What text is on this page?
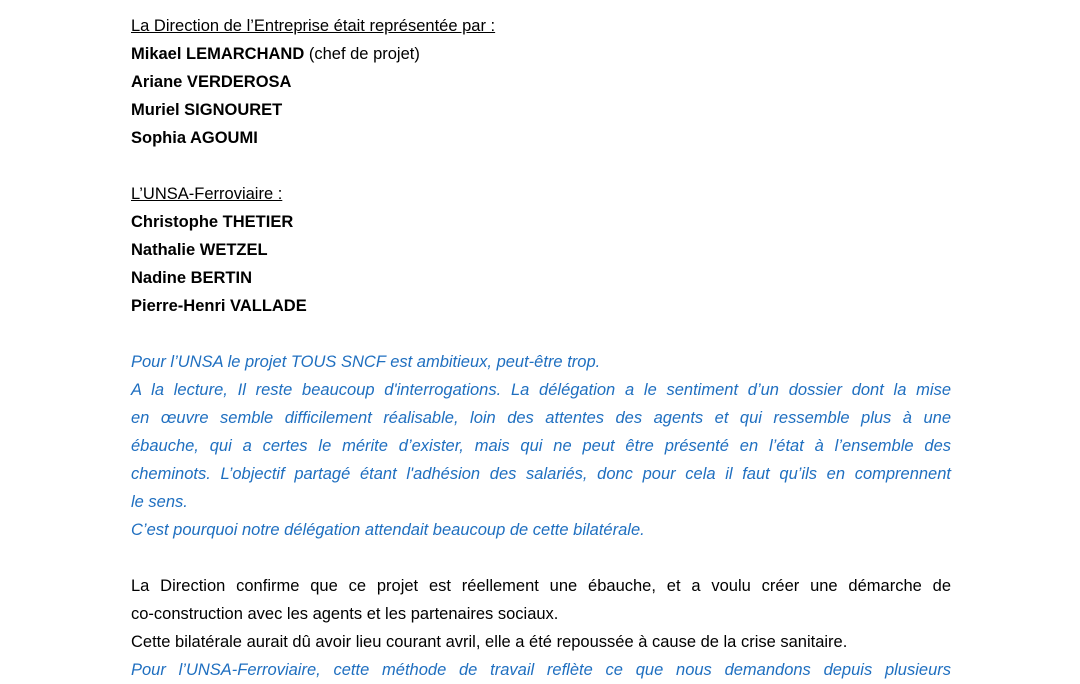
La Direction de l’Entreprise était représentée par :
Mikael LEMARCHAND (chef de projet)
Ariane VERDEROSA
Muriel SIGNOURET
Sophia AGOUMI
L’UNSA-Ferroviaire :
Christophe THETIER
Nathalie WETZEL
Nadine BERTIN
Pierre-Henri VALLADE
Pour l’UNSA le projet TOUS SNCF est ambitieux, peut-être trop.
A la lecture, Il reste beaucoup d'interrogations. La délégation a le sentiment d’un dossier dont la mise
en œuvre semble difficilement réalisable, loin des attentes des agents et qui ressemble plus à une
ébauche, qui a certes le mérite d’exister, mais qui ne peut être présenté en l’état à l’ensemble des
cheminots. L’objectif partagé étant l'adhésion des salariés, donc pour cela il faut qu’ils en comprennent
le sens.
C’est pourquoi notre délégation attendait beaucoup de cette bilatérale.
La Direction confirme que ce projet est réellement une ébauche, et a voulu créer une démarche de
co-construction avec les agents et les partenaires sociaux.
Cette bilatérale aurait dû avoir lieu courant avril, elle a été repoussée à cause de la crise sanitaire.
Pour l’UNSA-Ferroviaire, cette méthode de travail reflète ce que nous demandons depuis plusieurs
